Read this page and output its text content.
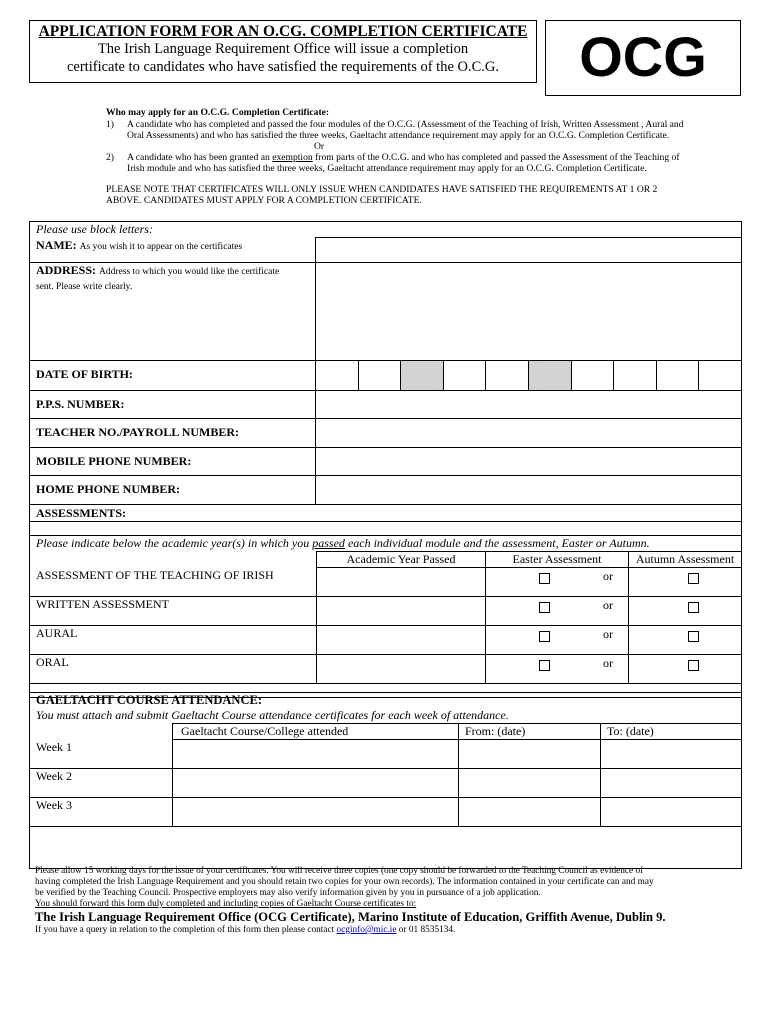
APPLICATION FORM FOR AN O.CG. COMPLETION CERTIFICATE
The Irish Language Requirement Office will issue a completion
certificate to candidates who have satisfied the requirements of the O.C.G.	OCG
Who may apply for an O.C.G. Completion Certificate:
1) A candidate who has completed and passed the four modules of the O.C.G. (Assessment of the Teaching of Irish, Written Assessment , Aural and
Oral Assessments) and who has satisfied the three weeks, Gaeltacht attendance requirement may apply for an O.C.G. Completion Certificate.
Or
2) A candidate who has been granted an exemption from parts of the O.C.G. and who has completed and passed the Assessment of the Teaching of
Irish module and who has satisfied the three weeks, Gaeltacht attendance requirement may apply for an O.C.G. Completion Certificate.
PLEASE NOTE THAT CERTIFICATES WILL ONLY ISSUE WHEN CANDIDATES HAVE SATISFIED THE REQUIREMENTS AT 1 OR 2
ABOVE. CANDIDATES MUST APPLY FOR A COMPLETION CERTIFICATE.
Please use block letters:										
NAME: As you wish it to appear on the certificates										
ADDRESS: Address to which you would like the certificate
sent. Please write clearly.										
DATE OF BIRTH:										
P.P.S. NUMBER:										
TEACHER NO./PAYROLL NUMBER:										
MOBILE PHONE NUMBER:										
HOME PHONE NUMBER:										
ASSESSMENTS:										

Please indicate below the academic year(s) in which you passed each individual module and the assessment, Easter or Autumn.			
	Academic Year Passed	Easter Assessment	Autumn Assessment
ASSESSMENT OF THE TEACHING OF IRISH		or	

WRITTEN ASSESSMENT		or	

AURAL		or	

ORAL		or	

GAELTACHT COURSE ATTENDANCE:			
You must attach and submit Gaeltacht Course attendance certificates for each week of attendance.			
	Gaeltacht Course/College attended	From: (date)	To: (date)
Week 1			
Week 2			
Week 3			

Please allow 15 working days for the issue of your certificates. You will receive three copies (one copy should be forwarded to the Teaching Council as evidence of
having completed the Irish Language Requirement and you should retain two copies for your own records). The information contained in your certificate can and may
be verified by the Teaching Council. Prospective employers may also verify information given by you in pursuance of a job application.
You should forward this form duly completed and including copies of Gaeltacht Course certificates to:
The Irish Language Requirement Office (OCG Certificate), Marino Institute of Education, Griffith Avenue, Dublin 9.
If you have a query in relation to the completion of this form then please contact ocginfo@mic.ie or 01 8535134.
